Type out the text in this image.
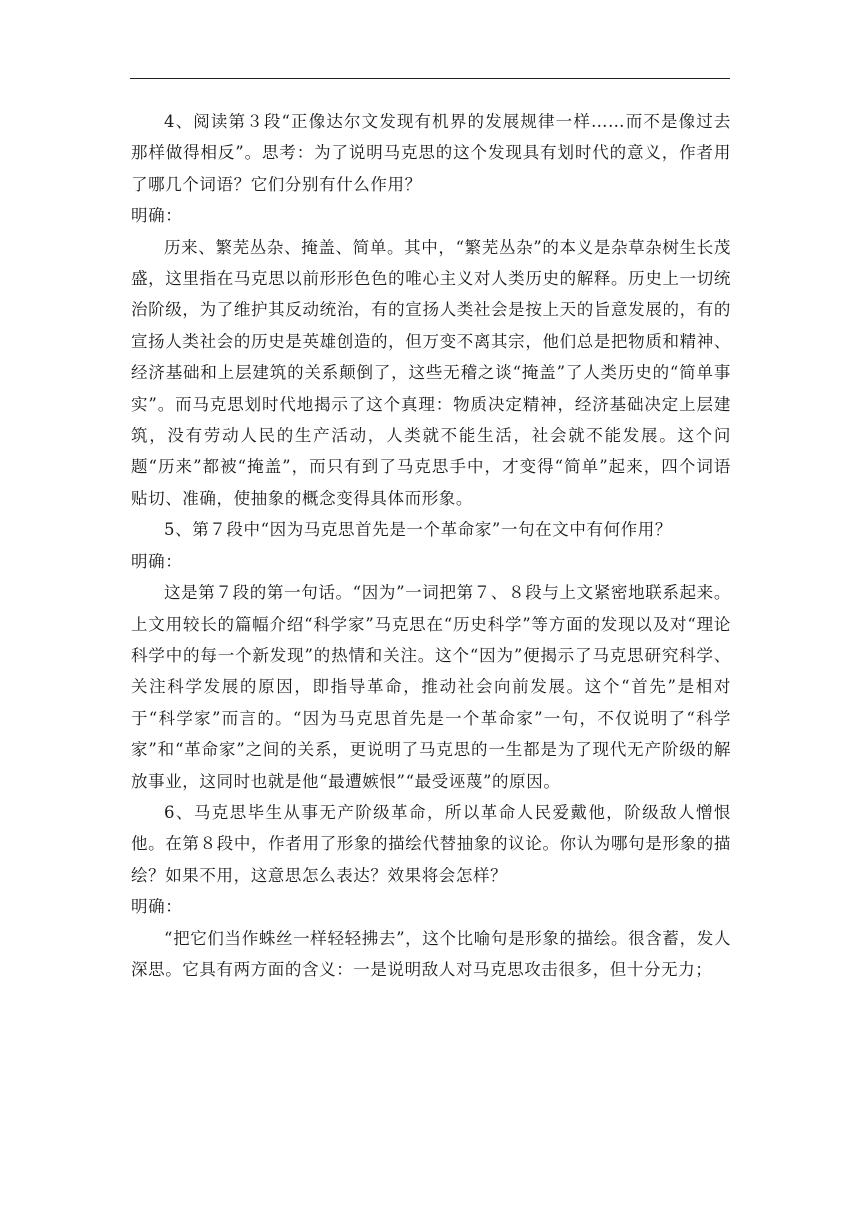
4、阅读第３段“正像达尔文发现有机界的发展规律一样……而不是像过去那样做得相反”。思考：为了说明马克思的这个发现具有划时代的意义，作者用了哪几个词语？它们分别有什么作用？

明确：

历来、繁芜丛杂、掩盖、简单。其中，“繁芜丛杂”的本义是杂草杂树生长茂盛，这里指在马克思以前形形色色的唯心主义对人类历史的解释。历史上一切统治阶级，为了维护其反动统治，有的宣扬人类社会是按上天的旨意发展的，有的宣扬人类社会的历史是英雄创造的，但万变不离其宗，他们总是把物质和精神、经济基础和上层建筑的关系颠倒了，这些无稽之谈“掩盖”了人类历史的“简单事实”。而马克思划时代地揭示了这个真理：物质决定精神，经济基础决定上层建筑，没有劳动人民的生产活动，人类就不能生活，社会就不能发展。这个问题“历来”都被“掩盖”，而只有到了马克思手中，才变得“简单”起来，四个词语贴切、准确，使抽象的概念变得具体而形象。

5、第７段中“因为马克思首先是一个革命家”一句在文中有何作用？

明确：

这是第７段的第一句话。“因为”一词把第７、８段与上文紧密地联系起来。上文用较长的篇幅介绍“科学家”马克思在“历史科学”等方面的发现以及对“理论科学中的每一个新发现”的热情和关注。这个“因为”便揭示了马克思研究科学、关注科学发展的原因，即指导革命，推动社会向前发展。这个“首先”是相对于“科学家”而言的。“因为马克思首先是一个革命家”一句，不仅说明了“科学家”和“革命家”之间的关系，更说明了马克思的一生都是为了现代无产阶级的解放事业，这同时也就是他“最遭嫉恨”“最受诬蔑”的原因。

6、马克思毕生从事无产阶级革命，所以革命人民爱戴他，阶级敌人憎恨他。在第８段中，作者用了形象的描绘代替抽象的议论。你认为哪句是形象的描绘？如果不用，这意思怎么表达？效果将会怎样？

明确：

“把它们当作蛛丝一样轻轻拂去”，这个比喻句是形象的描绘。很含蓄，发人深思。它具有两方面的含义：一是说明敌人对马克思攻击很多，但十分无力；
